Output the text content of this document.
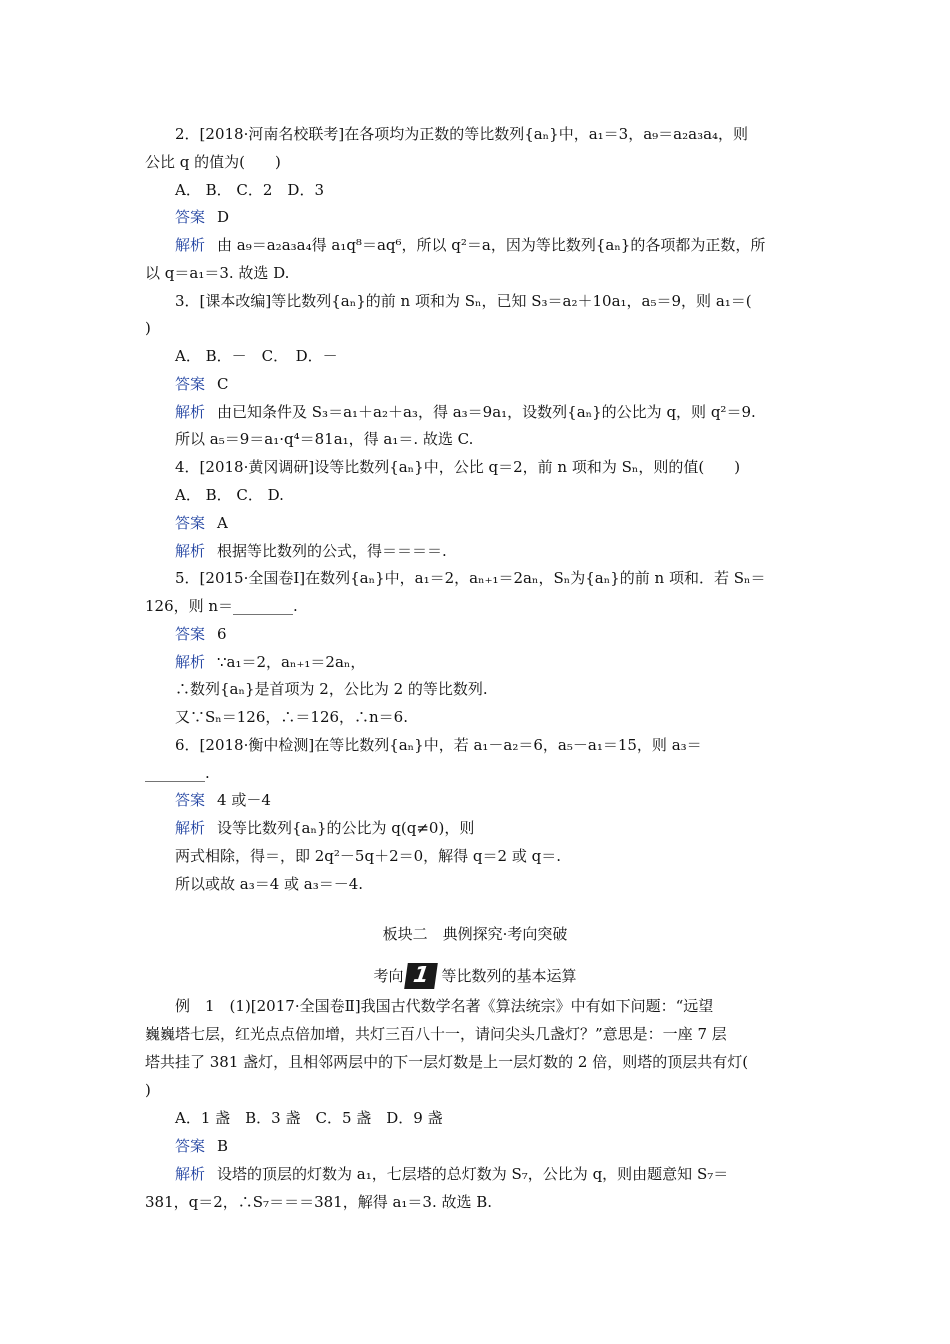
2．[2018·河南名校联考]在各项均为正数的等比数列{aₙ}中，a₁＝3，a₉＝a₂a₃a₄，则
公比 q 的值为(　　)
A． B． C．2　D．3
答案 D
解析 由 a₉＝a₂a₃a₄得 a₁q⁸＝aq⁶，所以 q²＝a，因为等比数列{aₙ}的各项都为正数，所
以 q＝a₁＝3. 故选 D.
3．[课本改编]等比数列{aₙ}的前 n 项和为 Sₙ，已知 S₃＝a₂＋10a₁，a₅＝9，则 a₁＝(
)
A． B．－　C．　D．－
答案 C
解析 由已知条件及 S₃＝a₁＋a₂＋a₃，得 a₃＝9a₁，设数列{aₙ}的公比为 q，则 q²＝9.
所以 a₅＝9＝a₁·q⁴＝81a₁，得 a₁＝. 故选 C.
4．[2018·黄冈调研]设等比数列{aₙ}中，公比 q＝2，前 n 项和为 Sₙ，则的值(　　)
A． B． C． D.
答案 A
解析 根据等比数列的公式，得＝＝＝＝.
5．[2015·全国卷Ⅰ]在数列{aₙ}中，a₁＝2，aₙ₊₁＝2aₙ，Sₙ为{aₙ}的前 n 项和．若 Sₙ＝
126，则 n＝________.
答案 6
解析 ∵a₁＝2，aₙ₊₁＝2aₙ，
∴数列{aₙ}是首项为 2，公比为 2 的等比数列.
又∵Sₙ＝126，∴＝126，∴n＝6.
6．[2018·衡中检测]在等比数列{aₙ}中，若 a₁－a₂＝6，a₅－a₁＝15，则 a₃＝
________.
答案 4 或－4
解析 设等比数列{aₙ}的公比为 q(q≠0)，则
两式相除，得＝，即 2q²－5q＋2＝0，解得 q＝2 或 q＝.
所以或故 a₃＝4 或 a₃＝－4.
板块二　典例探究·考向突破
考向 1 等比数列的基本运算
例　1　(1)[2017·全国卷Ⅱ]我国古代数学名著《算法统宗》中有如下问题：“远望
巍巍塔七层，红光点点倍加增，共灯三百八十一，请问尖头几盏灯？”意思是：一座 7 层
塔共挂了 381 盏灯，且相邻两层中的下一层灯数是上一层灯数的 2 倍，则塔的顶层共有灯(
)
A．1 盏　B．3 盏　C．5 盏　D．9 盏
答案 B
解析 设塔的顶层的灯数为 a₁，七层塔的总灯数为 S₇，公比为 q，则由题意知 S₇＝
381，q＝2，∴S₇＝＝＝381，解得 a₁＝3. 故选 B.
